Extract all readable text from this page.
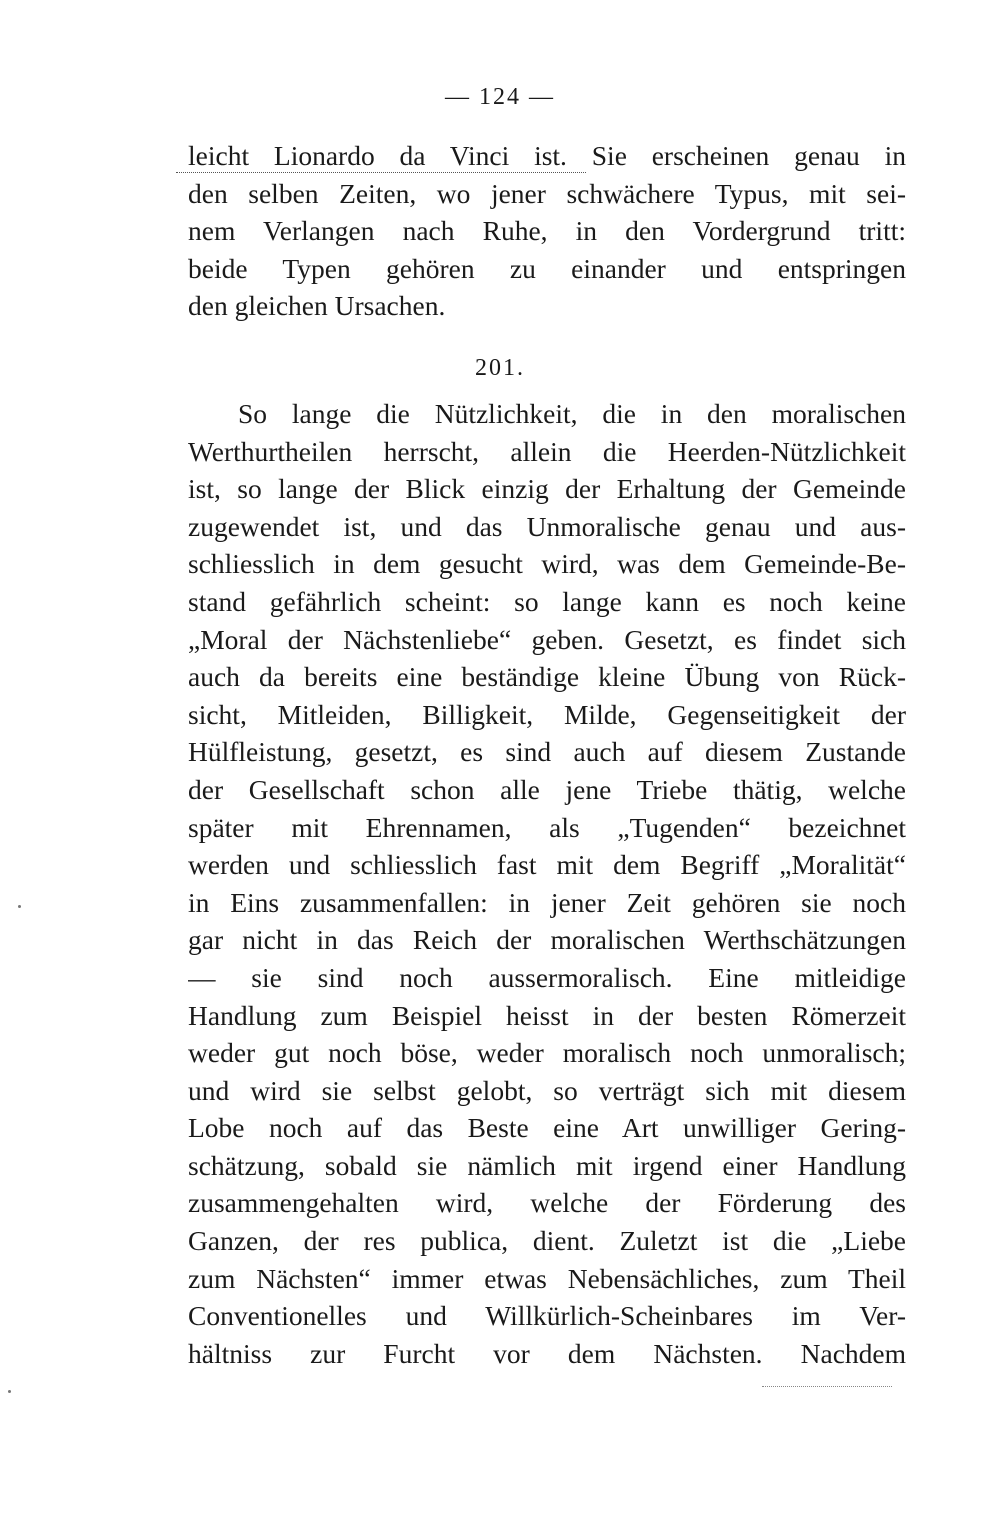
— 124 —
leicht Lionardo da Vinci ist. Sie erscheinen genau in
den selben Zeiten, wo jener schwächere Typus, mit sei-
nem Verlangen nach Ruhe, in den Vordergrund tritt:
beide Typen gehören zu einander und entspringen
den gleichen Ursachen.
201.
So lange die Nützlichkeit, die in den moralischen
Werthurtheilen herrscht, allein die Heerden-Nützlichkeit
ist, so lange der Blick einzig der Erhaltung der Gemeinde
zugewendet ist, und das Unmoralische genau und aus-
schliesslich in dem gesucht wird, was dem Gemeinde-Be-
stand gefährlich scheint: so lange kann es noch keine
„Moral der Nächstenliebe“ geben. Gesetzt, es findet sich
auch da bereits eine beständige kleine Übung von Rück-
sicht, Mitleiden, Billigkeit, Milde, Gegenseitigkeit der
Hülfleistung, gesetzt, es sind auch auf diesem Zustande
der Gesellschaft schon alle jene Triebe thätig, welche
später mit Ehrennamen, als „Tugenden“ bezeichnet
werden und schliesslich fast mit dem Begriff „Moralität“
in Eins zusammenfallen: in jener Zeit gehören sie noch
gar nicht in das Reich der moralischen Werthschätzungen
— sie sind noch aussermoralisch. Eine mitleidige
Handlung zum Beispiel heisst in der besten Römerzeit
weder gut noch böse, weder moralisch noch unmoralisch;
und wird sie selbst gelobt, so verträgt sich mit diesem
Lobe noch auf das Beste eine Art unwilliger Gering-
schätzung, sobald sie nämlich mit irgend einer Handlung
zusammengehalten wird, welche der Förderung des
Ganzen, der res publica, dient. Zuletzt ist die „Liebe
zum Nächsten“ immer etwas Nebensächliches, zum Theil
Conventionelles und Willkürlich-Scheinbares im Ver-
hältniss zur Furcht vor dem Nächsten. Nachdem
